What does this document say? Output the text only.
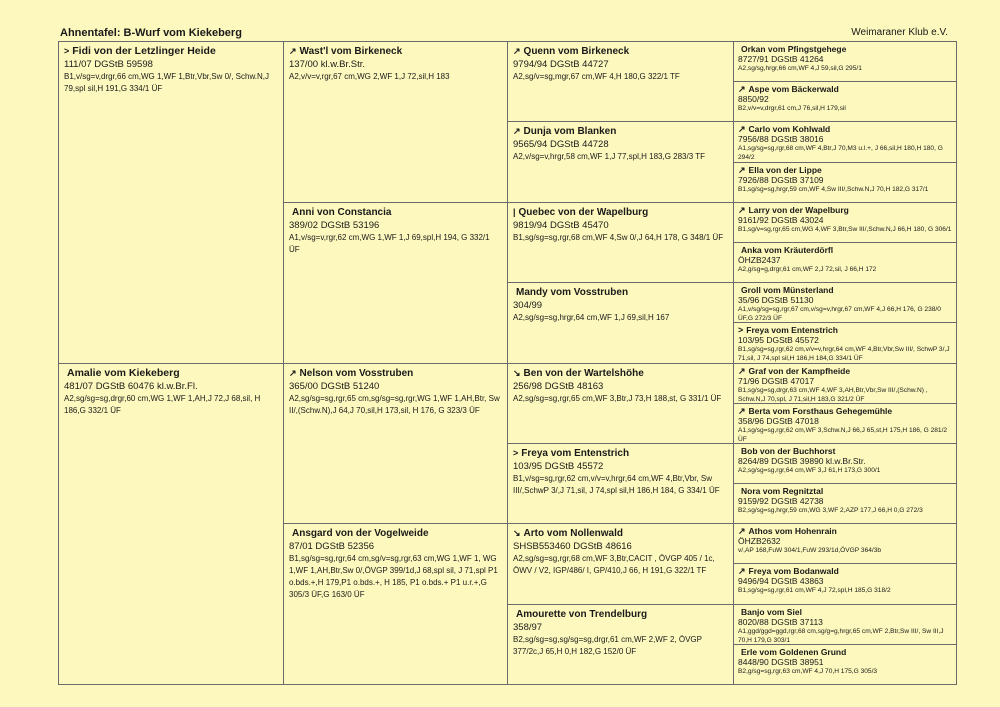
Ahnentafel: B-Wurf vom Kiekeberg	Weimaraner Klub e.V.
> Fidi von der Letzlinger Heide
111/07 DGStB 59598
B1,v/sg=v,drgr,66 cm,WG 1,WF 1,Btr,Vbr,Sw 0/, Schw.N,J 79,spl sil,H 191,G 334/1 ÜF
Amalie vom Kiekeberg
481/07 DGStB 60476 kl.w.Br.Fl.
A2,sg/sg=sg,drgr,60 cm,WG 1,WF 1,AH,J 72,J 68,sil, H 186,G 332/1 ÜF
↗ Wast'l vom Birkeneck
137/00 kl.w.Br.Str.
A2,v/v=v,rgr,67 cm,WG 2,WF 1,J 72,sil,H 183
Anni von Constancia
389/02 DGStB 53196
A1,v/sg=v,rgr,62 cm,WG 1,WF 1,J 69,spl,H 194, G 332/1 ÜF
↗ Nelson vom Vosstruben
365/00 DGStB 51240
A2,sg/sg=sg,rgr,65 cm,sg/sg=sg,rgr,WG 1,WF 1,AH,Btr, Sw II/,(Schw.N),J 64,J 70,sil,H 173,sil, H 176, G 323/3 ÜF
Ansgard von der Vogelweide
87/01 DGStB 52356
B1,sg/sg=sg,rgr,64 cm,sg/v=sg,rgr,63 cm,WG 1,WF 1, WG 1,WF 1,AH,Btr,Sw 0/,ÖVGP 399/1d,J 68,spl sil, J 71,spl P1 o.bds.+,H 179,P1 o.bds.+, H 185, P1 o.bds.+ P1 u.r.+,G 305/3 ÜF,G 163/0 ÜF
↗ Quenn vom Birkeneck
9794/94 DGStB 44727
A2,sg/v=sg,mgr,67 cm,WF 4,H 180,G 322/1 TF
↗ Dunja vom Blanken
9565/94 DGStB 44728
A2,v/sg=v,hrgr,58 cm,WF 1,J 77,spl,H 183,G 283/3 TF
| Quebec von der Wapelburg
9819/94 DGStB 45470
B1,sg/sg=sg,rgr,68 cm,WF 4,Sw 0/,J 64,H 178, G 348/1 ÜF
Mandy vom Vosstruben
304/99
A2,sg/sg=sg,hrgr,64 cm,WF 1,J 69,sil,H 167
↘ Ben von der Wartelshöhe
256/98 DGStB 48163
A2,sg/sg=sg,rgr,65 cm,WF 3,Btr,J 73,H 188,st, G 331/1 ÜF
> Freya vom Entenstrich
103/95 DGStB 45572
B1,v/sg=sg,rgr,62 cm,v/v=v,hrgr,64 cm,WF 4,Btr,Vbr, Sw III/,SchwP 3/,J 71,sil, J 74,spl sil,H 186,H 184, G 334/1 ÜF
↘ Arto vom Nollenwald
SHSB553460 DGStB 48616
A2,sg/sg=sg,rgr,68 cm,WF 3,Btr,CACIT , ÖVGP 405 / 1c, ÖWV / V2, IGP/486/ I, GP/410,J 66, H 191,G 322/1 TF
Amourette von Trendelburg
358/97
B2,sg/sg=sg,sg/sg=sg,drgr,61 cm,WF 2,WF 2, ÖVGP 377/2c,J 65,H 0,H 182,G 152/0 ÜF
Orkan vom Pfingstgehege
8727/91 DGStB 41264
A2,sg/sg,hrgr,66 cm,WF 4,J 59,sil,G 295/1
↗ Aspe vom Bäckerwald
8850/92
B2,v/v=v,drgr,61 cm,J 76,sil,H 179,sil
↗ Carlo vom Kohlwald
7956/88 DGStB 38016
A1,sg/sg=sg,rgr,68 cm,WF 4,Btr,J 70,M3 u.l.+, J 66,sil,H 180,H 180, G 294/2
↗ Ella von der Lippe
7926/88 DGStB 37109
B1,sg/sg=sg,hrgr,59 cm,WF 4,Sw III/,Schw.N,J 70,H 182,G 317/1
↗ Larry von der Wapelburg
9161/92 DGStB 43024
B1,sg/v=sg,rgr,65 cm,WG 4,WF 3,Btr,Sw III/,Schw.N,J 66,H 180, G 306/1
Anka vom Kräuterdörfl
ÖHZB2437
A2,g/sg=g,drgr,61 cm,WF 2,J 72,sil, J 66,H 172
Groll vom Münsterland
35/96 DGStB 51130
A1,v/sg/sg=sg,rgr,67 cm,v/sg=v,hrgr,67 cm,WF 4,J 66,H 176, G 238/0 ÜF,G 272/3 ÜF
> Freya vom Entenstrich
103/95 DGStB 45572
B1,sg/sg=sg,rgr,62 cm,v/v=v,hrgr,64 cm,WF 4,Btr,Vbr,Sw III/, SchwP 3/,J 71,sil, J 74,spl sil,H 186,H 184,G 334/1 ÜF
↗ Graf von der Kampfheide
71/96 DGStB 47017
B1,sg/sg=sg,drgr,63 cm,WF 4,WF 3,AH,Btr,Vbr,Sw III/,(Schw.N) , Schw.N,J 70,spl, J 71,sil,H 183,G 321/2 ÜF
↗ Berta vom Forsthaus Gehegemühle
358/96 DGStB 47018
A1,sg/sg=sg,rgr,62 cm,WF 3,Schw.N,J 66,J 65,st,H 175,H 186, G 281/2 ÜF
Bob von der Buchhorst
8264/89 DGStB 39890 kl.w.Br.Str.
A2,sg/sg=sg,rgr,64 cm,WF 3,J 61,H 173,G 300/1
Nora vom Regnitztal
9159/92 DGStB 42738
B2,sg/sg=sg,hrgr,59 cm,WG 3,WF 2,AZP 177,J 66,H 0,G 272/3
↗ Athos vom Hohenrain
ÖHZB2632
v/,AP 168,FuW 304/1,FuW 293/1d,ÖVGP 364/3b
↗ Freya vom Bodanwald
9496/94 DGStB 43863
B1,sg/sg=sg,rgr,61 cm,WF 4,J 72,spl,H 185,G 318/2
Banjo vom Siel
8020/88 DGStB 37113
A1,ggd/ggd=ggd,rgr,68 cm,sg/g=g,hrgr,65 cm,WF 2,Btr,Sw III/, Sw III,J 70,H 179,G 303/1
Erle vom Goldenen Grund
8448/90 DGStB 38951
B2,g/sg=sg,rgr,63 cm,WF 4,J 70,H 175,G 305/3
